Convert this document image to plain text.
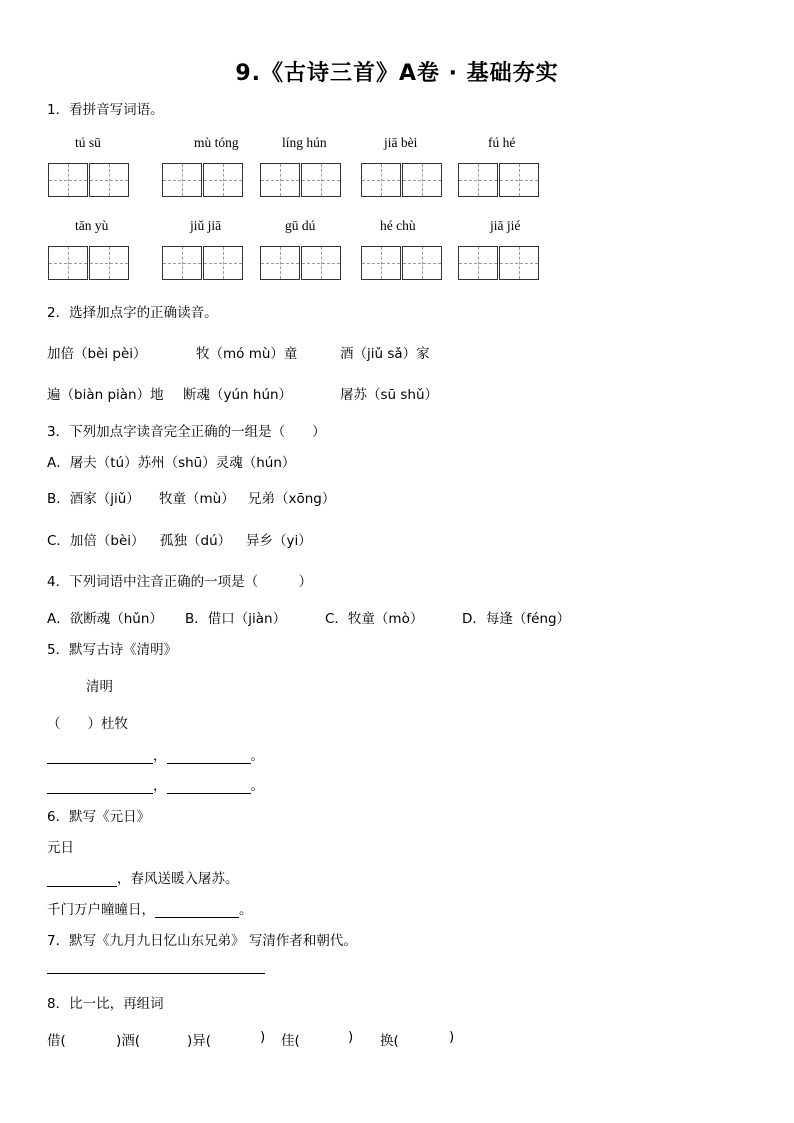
9.《古诗三首》A卷 · 基础夯实
1．看拼音写词语。
tú sū	mù tóng	líng hún	jiā bèi	fú hé
tān yù	jiǔ jiā	gū dú	hé chù	jiā jié
2．选择加点字的正确读音。
加倍（bèi pèi）	牧（mó mù）童	酒（jiǔ sǎ）家
遍（biàn piàn）地 断魂（yún hún）	屠苏（sū shǔ）
3．下列加点字读音完全正确的一组是（　　）
A．屠夫（tú）苏州（shū）灵魂（hún）
B．酒家（jiǔ） 牧童（mù） 兄弟（xōng）
C．加倍（bèi） 孤独（dú） 异乡（yi）
4．下列词语中注音正确的一项是（　　　）
A．欲断魂（hǔn） B．借口（jiàn）	C．牧童（mò）	D．每逢（féng）
5．默写古诗《清明》
清明
（　　）杜牧
，	。
，	。
6．默写《元日》
元日
，春风送暖入屠苏。
千门万户曈曈日，	。
7．默写《九月九日忆山东兄弟》 写清作者和朝代。
8．比一比，再组词
借(	)酒(	)异(	) 佳(	) 换(	)
